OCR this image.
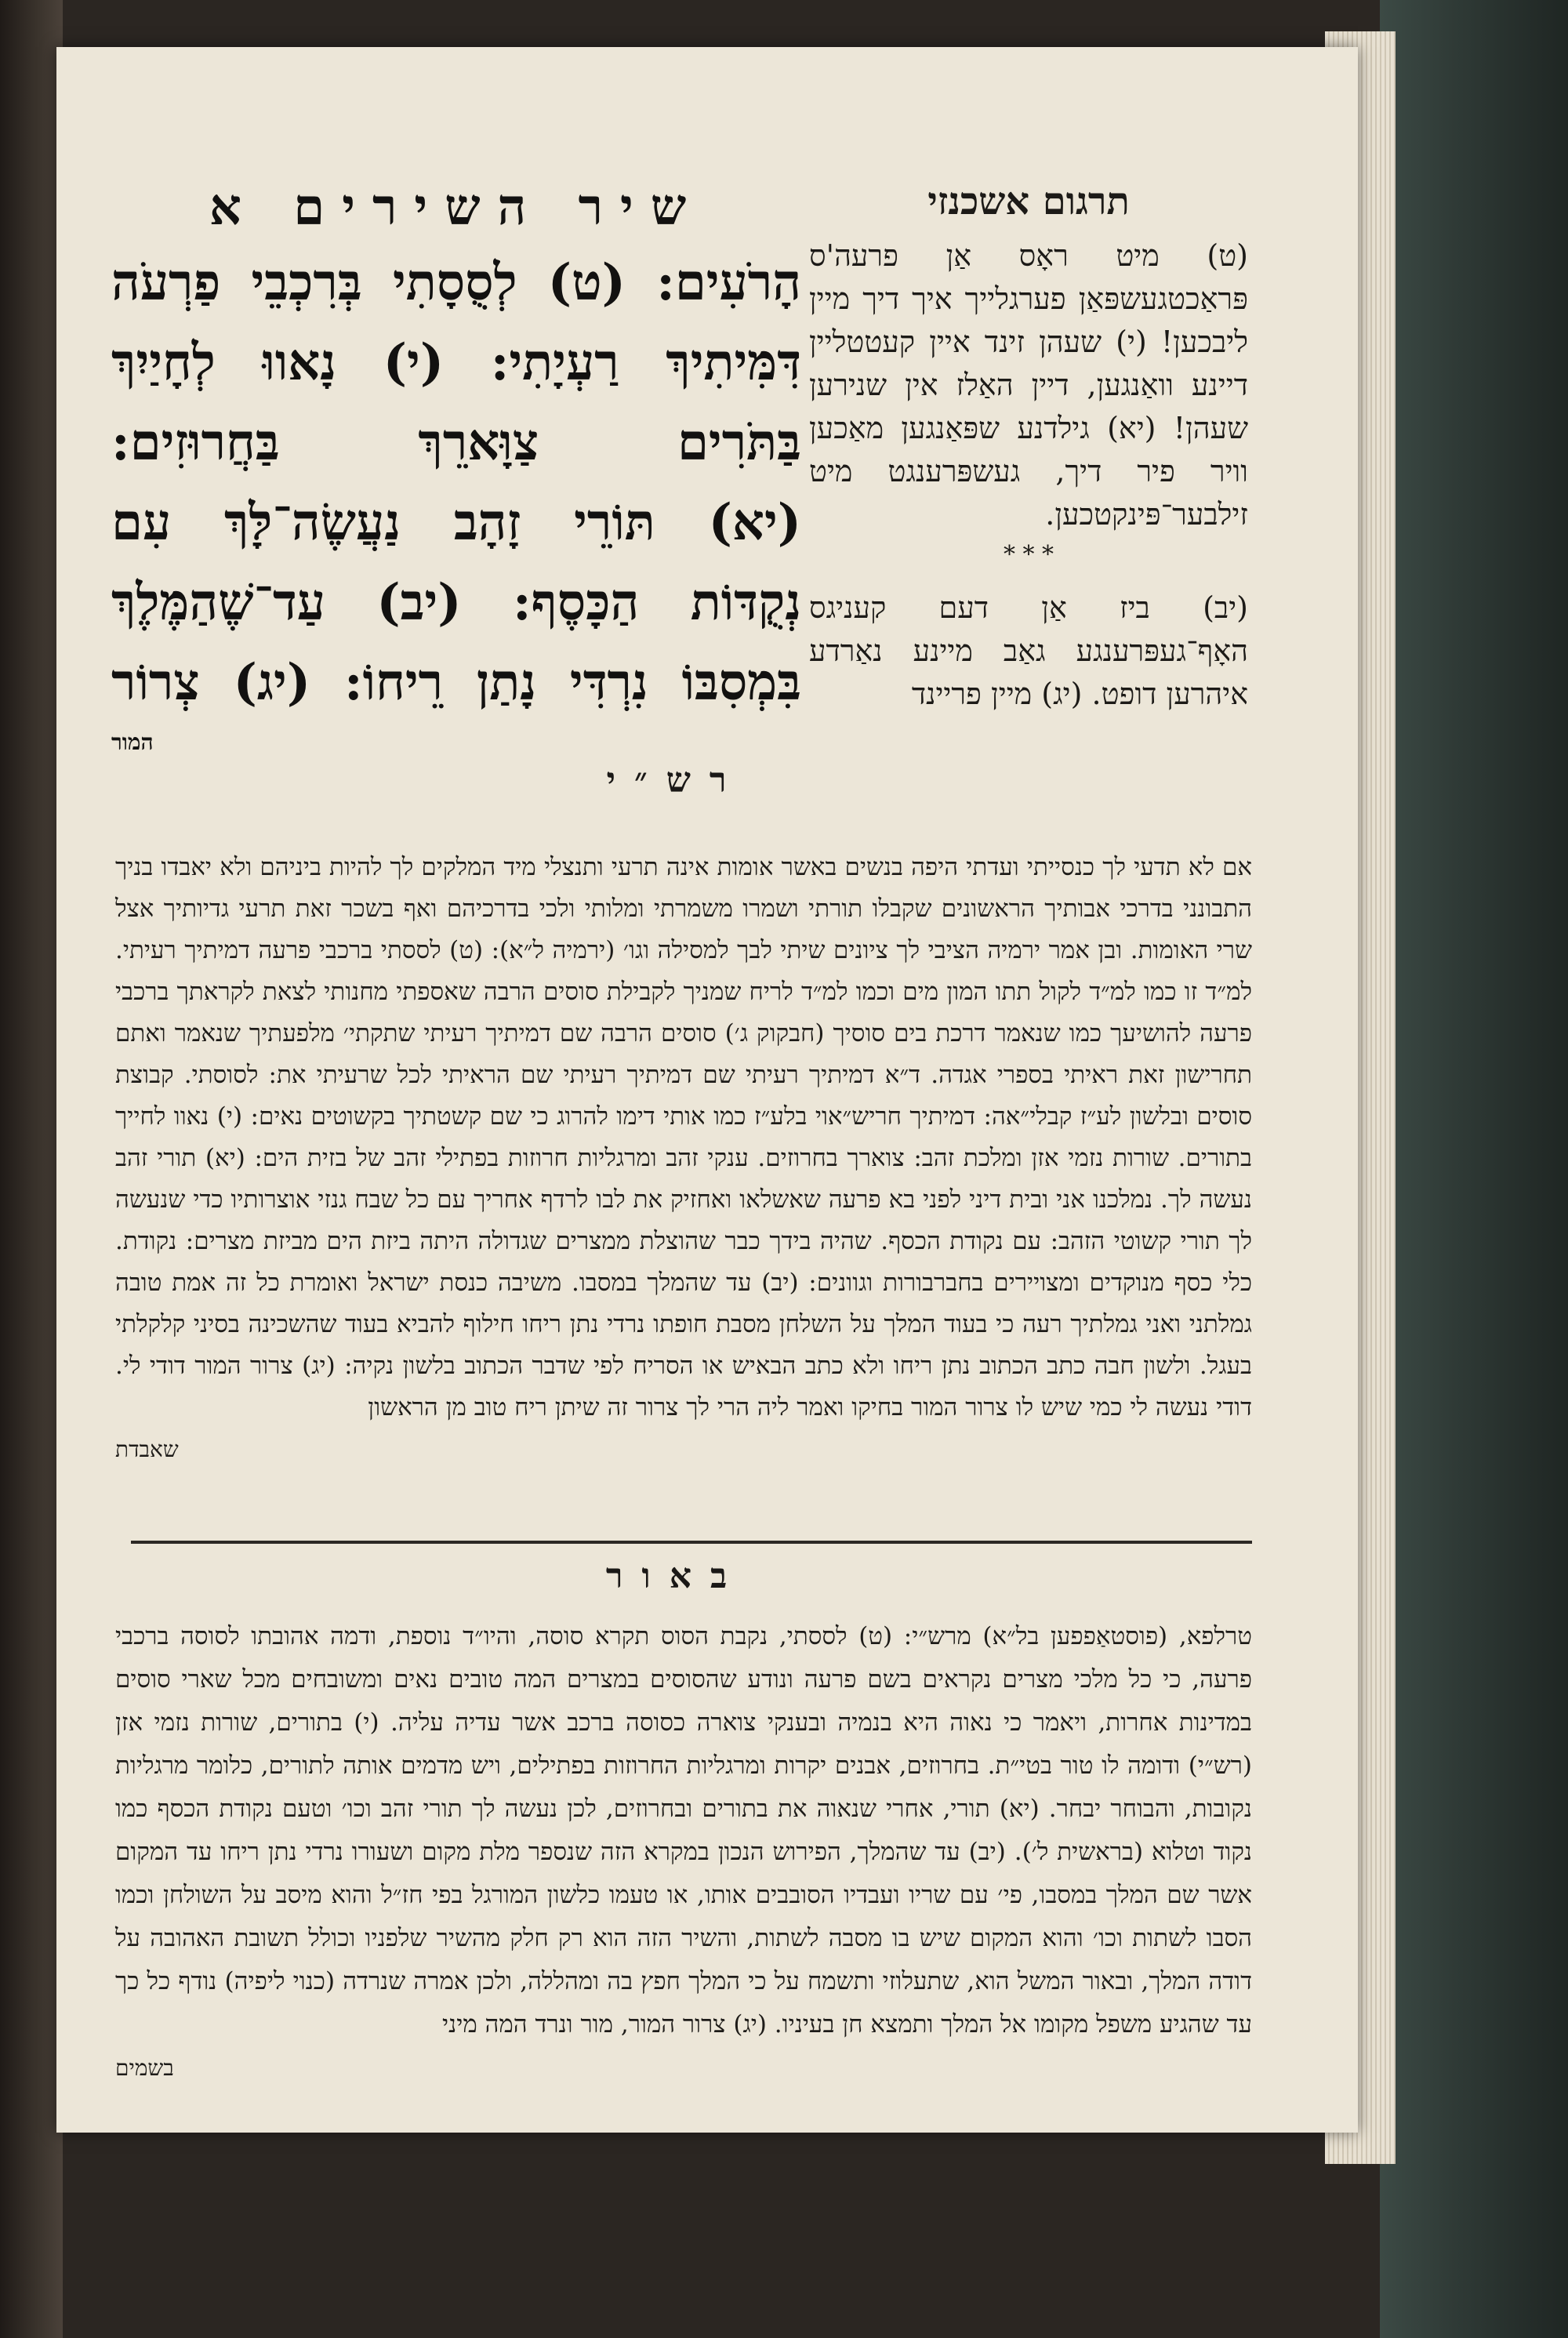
תרגום אשכנזי
(ט) מיט ראָס אַן פרעה'ס פּראַכטגעשפּאַן פערגלייך איך דיך מיין ליבכען! (י) שעהן זינד איין קעטטליין דיינע וואַנגען, דיין האַלז אין שנירען שעהן! (יא) גילדנע שפּאַנגען מאַכען וויר פיר דיך, געשפּרענגט מיט זילבער־פּינקטכען.
* * *
(יב) ביז אַן דעם קעניגס האָף־געפּרענגע גאַב מיינע נאַרדע איהרען דופט. (יג) מיין פריינד
שיר השירים א
הָרֹעִים: (ט) לְסֻסָתִי בְּרִכְבֵי פַרְעֹה
דִּמִּיתִיךְ רַעְיָתִי: (י) נָאווּ לְחָיַיִךְ
בַּתֹּרִים צַוָּארֵךְ בַּחֲרוּזִים:
(יא) תּוֹרֵי זָהָב נַעֲשֶׂה־לָּךְ עִם
נְקֻדּוֹת הַכָּסֶף: (יב) עַד־שֶׁהַמֶּלֶךְ
בִּמְסִבּוֹ נִרְדִּי נָתַן רֵיחוֹ: (יג) צְרוֹר
המור
רש״י
אם לא תדעי לך כנסייתי ועדתי היפה בנשים באשר אומות אינה תרעי ותנצלי מיד המלקים לך להיות ביניהם ולא יאבדו בניך התבונני בדרכי אבותיך הראשונים שקבלו תורתי ושמרו משמרתי ומלותי ולכי בדרכיהם ואף בשכר זאת תרעי גדיותיך אצל שרי האומות. ובן אמר ירמיה הציבי לך ציונים שיתי לבך למסילה וגו׳ (ירמיה ל״א): (ט) לססתי ברכבי פרעה דמיתיך רעיתי. למ״ד זו כמו למ״ד לקול תתו המון מים וכמו למ״ד לריח שמניך לקבילת סוסים הרבה שאספתי מחנותי לצאת לקראתך ברכבי פרעה להושיעך כמו שנאמר דרכת בים סוסיך (חבקוק ג׳) סוסים הרבה שם דמיתיך רעיתי שתקתי׳ מלפעתיך שנאמר ואתם תחרישון זאת ראיתי בספרי אגדה. ד״א דמיתיך רעיתי שם דמיתיך רעיתי שם הראיתי לכל שרעיתי את: לסוסתי. קבוצת סוסים ובלשון לע״ז קבלי״אה: דמיתיך חריש״אוי בלע״ז כמו אותי דימו להרוג כי שם קשטתיך בקשוטים נאים: (י) נאוו לחייך בתורים. שורות נזמי אזן ומלכת זהב: צוארך בחרוזים. ענקי זהב ומרגליות חרוזות בפתילי זהב של בזית הים: (יא) תורי זהב נעשה לך. נמלכנו אני ובית דיני לפני בא פרעה שאשלאו ואחזיק את לבו לרדף אחריך עם כל שבח גנזי אוצרותיו כדי שנעשה לך תורי קשוטי הזהב: עם נקודת הכסף. שהיה בידך כבר שהוצלת ממצרים שגדולה היתה ביזת הים מביזת מצרים: נקודת. כלי כסף מנוקדים ומצויירים בחברבורות וגוונים: (יב) עד שהמלך במסבו. משיבה כנסת ישראל ואומרת כל זה אמת טובה גמלתני ואני גמלתיך רעה כי בעוד המלך על השלחן מסבת חופתו נרדי נתן ריחו חילוף להביא בעוד שהשכינה בסיני קלקלתי בעגל. ולשון חבה כתב הכתוב נתן ריחו ולא כתב הבאיש או הסריח לפי שדבר הכתוב בלשון נקיה: (יג) צרור המור דודי לי. דודי נעשה לי כמי שיש לו צרור המור בחיקו ואמר ליה הרי לך צרור זה שיתן ריח טוב מן הראשון
שאבדת
באור
טרלפא, (פוסטאַפפען בל״א) מרש״י: (ט) לססתי, נקבת הסוס תקרא סוסה, והיו״ד נוספת, ודמה אהובתו לסוסה ברכבי פרעה, כי כל מלכי מצרים נקראים בשם פרעה ונודע שהסוסים במצרים המה טובים נאים ומשובחים מכל שארי סוסים במדינות אחרות, ויאמר כי נאוה היא בנמיה ובענקי צוארה כסוסה ברכב אשר עדיה עליה. (י) בתורים, שורות נזמי אזן (רש״י) ודומה לו טור בטי״ת. בחרוזים, אבנים יקרות ומרגליות החרוזות בפתילים, ויש מדמים אותה לתורים, כלומר מרגליות נקובות, והבוחר יבחר. (יא) תורי, אחרי שנאוה את בתורים ובחרוזים, לכן נעשה לך תורי זהב וכו׳ וטעם נקודת הכסף כמו נקוד וטלוא (בראשית ל׳). (יב) עד שהמלך, הפירוש הנכון במקרא הזה שנספר מלת מקום ושעורו נרדי נתן ריחו עד המקום אשר שם המלך במסבו, פי׳ עם שריו ועבדיו הסובבים אותו, או טעמו כלשון המורגל בפי חז״ל והוא מיסב על השולחן וכמו הסבו לשתות וכו׳ והוא המקום שיש בו מסבה לשתות, והשיר הזה הוא רק חלק מהשיר שלפניו וכולל תשובת האהובה על דודה המלך, ובאור המשל הוא, שתעלוזי ותשמח על כי המלך חפץ בה ומהללה, ולכן אמרה שנרדה (כנוי ליפיה) נודף כל כך עד שהגיע משפל מקומו אל המלך ותמצא חן בעיניו. (יג) צרור המור, מור ונרד המה מיני
בשמים
